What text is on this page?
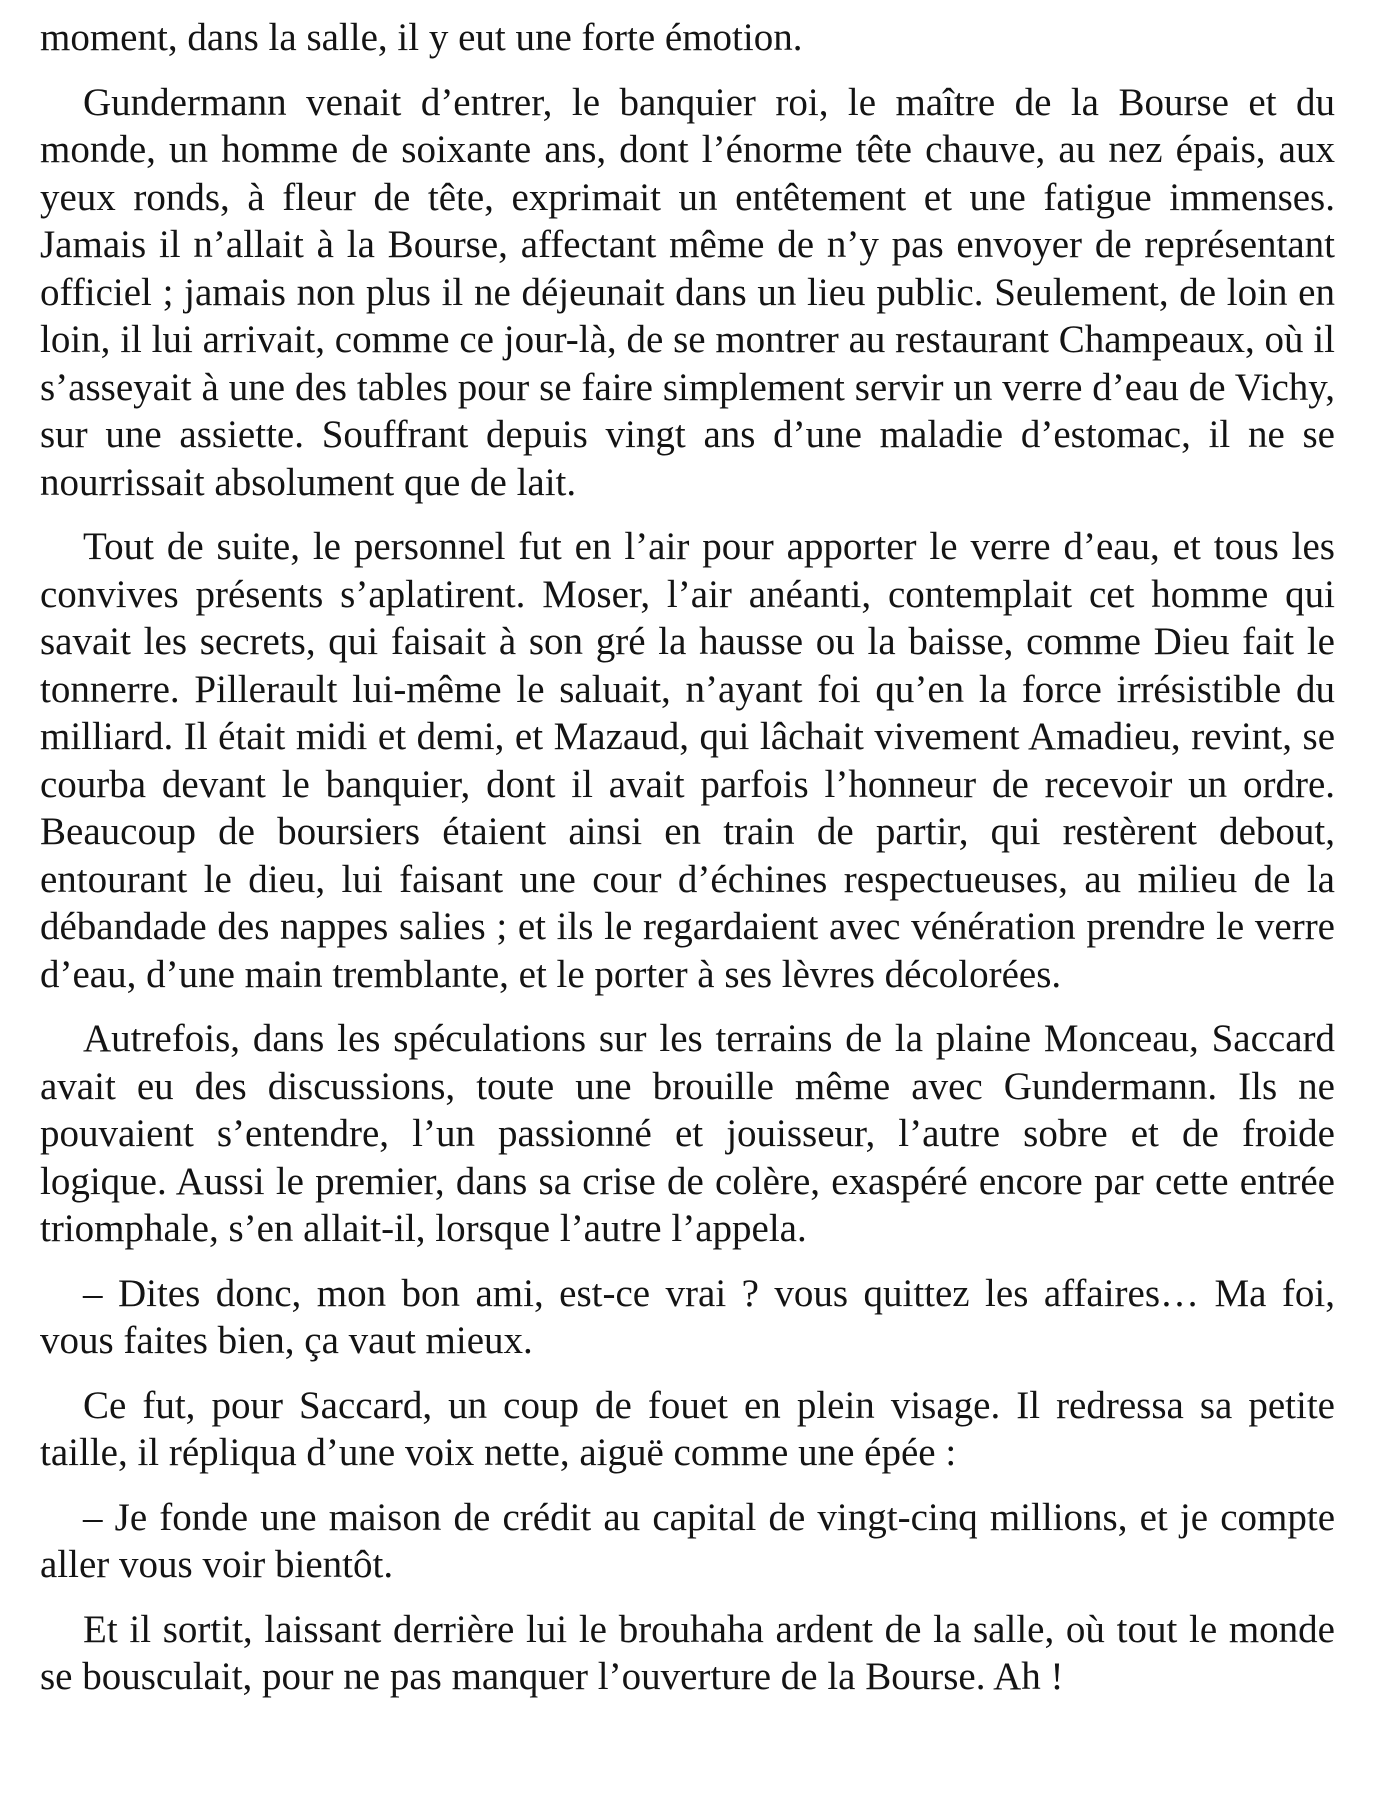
moment, dans la salle, il y eut une forte émotion.

Gundermann venait d’entrer, le banquier roi, le maître de la Bourse et du monde, un homme de soixante ans, dont l’énorme tête chauve, au nez épais, aux yeux ronds, à fleur de tête, exprimait un entêtement et une fatigue immenses. Jamais il n’allait à la Bourse, affectant même de n’y pas envoyer de représentant officiel ; jamais non plus il ne déjeunait dans un lieu public. Seulement, de loin en loin, il lui arrivait, comme ce jour-là, de se montrer au restaurant Champeaux, où il s’asseyait à une des tables pour se faire simplement servir un verre d’eau de Vichy, sur une assiette. Souffrant depuis vingt ans d’une maladie d’estomac, il ne se nourrissait absolument que de lait.

Tout de suite, le personnel fut en l’air pour apporter le verre d’eau, et tous les convives présents s’aplatirent. Moser, l’air anéanti, contemplait cet homme qui savait les secrets, qui faisait à son gré la hausse ou la baisse, comme Dieu fait le tonnerre. Pillerault lui-même le saluait, n’ayant foi qu’en la force irrésistible du milliard. Il était midi et demi, et Mazaud, qui lâchait vivement Amadieu, revint, se courba devant le banquier, dont il avait parfois l’honneur de recevoir un ordre. Beaucoup de boursiers étaient ainsi en train de partir, qui restèrent debout, entourant le dieu, lui faisant une cour d’échines respectueuses, au milieu de la débandade des nappes salies ; et ils le regardaient avec vénération prendre le verre d’eau, d’une main tremblante, et le porter à ses lèvres décolorées.

Autrefois, dans les spéculations sur les terrains de la plaine Monceau, Saccard avait eu des discussions, toute une brouille même avec Gundermann. Ils ne pouvaient s’entendre, l’un passionné et jouisseur, l’autre sobre et de froide logique. Aussi le premier, dans sa crise de colère, exaspéré encore par cette entrée triomphale, s’en allait-il, lorsque l’autre l’appela.

– Dites donc, mon bon ami, est-ce vrai ? vous quittez les affaires… Ma foi, vous faites bien, ça vaut mieux.

Ce fut, pour Saccard, un coup de fouet en plein visage. Il redressa sa petite taille, il répliqua d’une voix nette, aiguë comme une épée :

– Je fonde une maison de crédit au capital de vingt-cinq millions, et je compte aller vous voir bientôt.

Et il sortit, laissant derrière lui le brouhaha ardent de la salle, où tout le monde se bousculait, pour ne pas manquer l’ouverture de la Bourse. Ah !
